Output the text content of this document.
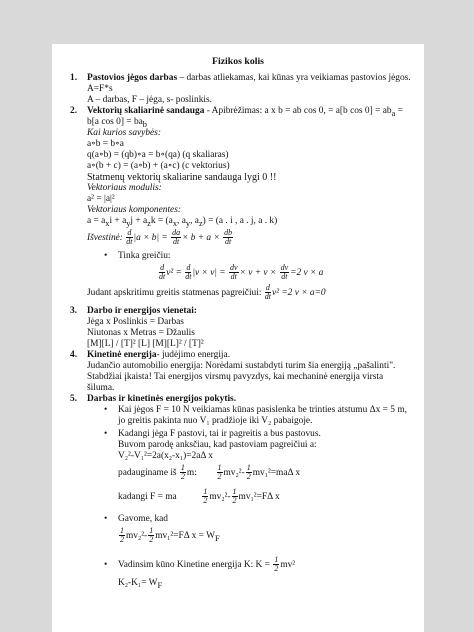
Fizikos kolis
1. Pastovios jėgos darbas – darbas atliekamas, kai kūnas yra veikiamas pastovios jėgos.
A=F*s
A – darbas, F – jėga, s- poslinkis.
2. Vektorių skaliarinė sandauga - Apibrėžimas: a x b = ab cos 0, = a[b $\cos 0] = ab_a$ =
b[a $\cos 0] = ba_b$
Kai kurios savybės:
a∘b = b∘a
q(a∘b) = (qb)∘a = b∘(qa) (q skaliaras)
a∘(b + c) = (a∘b) + (a∘c) (c vektorius)
Statmenų vektorių skaliarine sandauga lygi 0 !!
Vektoriaus modulis:
a² = |a|²
Vektoriaus komponentes:
$a = a_xi + a_yj + a_zk = (a_x$, $a_y$, $a_z) = (a$ . i , a . j, a . k)
Išvestinė: $\frac{d}{dt} |a \times b| = \frac{da}{dt} \times b + a \times \frac{db}{dt}$
• Tinka greičiu:
$\frac{d}{dt} v^2 = \frac{d}{dt} |v \times v| = \frac{dv}{dt} \times v + v \times \frac{dv}{dt} =2$ v × a
Judant apskritimu greitis statmenas pagreičiui: $\frac{d}{dt} v^2 =2$ v × a=0
3. Darbo ir energijos vienetai:
Jėga x Poslinkis = Darbas
Niutonas x Metras = Džaulis
[M][L] / [T]² [L] [M][L]² / [T]²
4. Kinetinė energija- judėjimo energija.
Judančio automobilio energija: Norėdami sustabdyti turim šia energiją „pašalinti".
Stabdžiai įkaista! Tai energijos virsmų pavyzdys, kai mechaninė energija virsta
šiluma.
5. Darbas ir kinetinės energijos pokytis.
• Kai jėgos F = 10 N veikiamas kūnas pasislenka be trinties atstumu Δx = 5 m,
jo greitis pakinta nuo V₁ pradžioje iki V₂ pabaigoje.
• Kadangi jėga F pastovi, tai ir pagreitis a bus pastovus.
Buvom parodę anksčiau, kad pastoviam pagreičiui a:
V₂²-V₁²=2a(x₂-x₁)=2aΔ x
padauginame iš $\frac{1}{2} m$: $\frac{1}{2} mv_2^2- \frac{1}{2} mv_1^2=ma\Delta$ x
kadangi F = ma	$\frac{1}{2} mv_2^2- \frac{1}{2} mv_1^2=F\Delta$ x
• Gavome, kad
$\frac{1}{2} mv_2^2- \frac{1}{2} mv_1^2=F\Delta$ $x = W_F$
• Vadinsim kūno Kinetine energija K: $K = \frac{1}{2} mv^2$
$K_2-K_1= W_F$
